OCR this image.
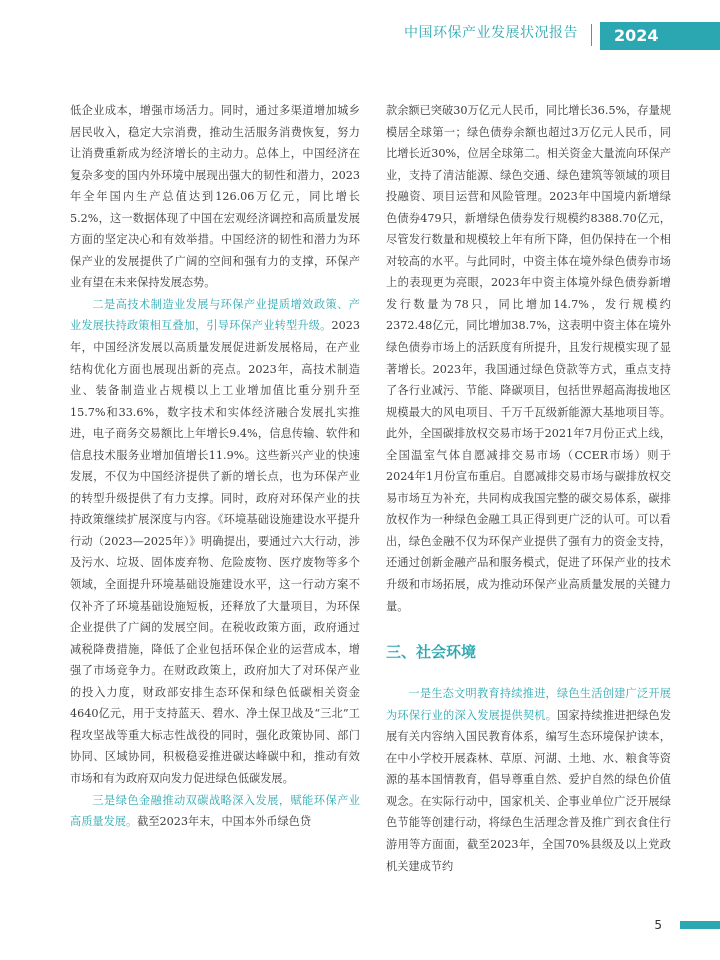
中国环保产业发展状况报告	2024

低企业成本，增强市场活力。同时，通过多渠道增加城乡居民收入，稳定大宗消费，推动生活服务消费恢复，努力让消费重新成为经济增长的主动力。总体上，中国经济在复杂多变的国内外环境中展现出强大的韧性和潜力，2023年全年国内生产总值达到126.06万亿元，同比增长5.2%，这一数据体现了中国在宏观经济调控和高质量发展方面的坚定决心和有效举措。中国经济的韧性和潜力为环保产业的发展提供了广阔的空间和强有力的支撑，环保产业有望在未来保持发展态势。

二是高技术制造业发展与环保产业提质增效政策、产业发展扶持政策相互叠加，引导环保产业转型升级。2023年，中国经济发展以高质量发展促进新发展格局，在产业结构优化方面也展现出新的亮点。2023年，高技术制造业、装备制造业占规模以上工业增加值比重分别升至15.7%和33.6%，数字技术和实体经济融合发展扎实推进，电子商务交易额比上年增长9.4%，信息传输、软件和信息技术服务业增加值增长11.9%。这些新兴产业的快速发展，不仅为中国经济提供了新的增长点，也为环保产业的转型升级提供了有力支撑。同时，政府对环保产业的扶持政策继续扩展深度与内容。《环境基础设施建设水平提升行动（2023—2025年）》明确提出，要通过六大行动，涉及污水、垃圾、固体废弃物、危险废物、医疗废物等多个领域，全面提升环境基础设施建设水平，这一行动方案不仅补齐了环境基础设施短板，还释放了大量项目，为环保企业提供了广阔的发展空间。在税收政策方面，政府通过减税降费措施，降低了企业包括环保企业的运营成本，增强了市场竞争力。在财政政策上，政府加大了对环保产业的投入力度，财政部安排生态环保和绿色低碳相关资金4640亿元，用于支持蓝天、碧水、净土保卫战及“三北”工程攻坚战等重大标志性战役的同时，强化政策协同、部门协同、区域协同，积极稳妥推进碳达峰碳中和，推动有效市场和有为政府双向发力促进绿色低碳发展。

三是绿色金融推动双碳战略深入发展，赋能环保产业高质量发展。截至2023年末，中国本外币绿色贷

款余额已突破30万亿元人民币，同比增长36.5%，存量规模居全球第一；绿色债券余额也超过3万亿元人民币，同比增长近30%，位居全球第二。相关资金大量流向环保产业，支持了清洁能源、绿色交通、绿色建筑等领域的项目投融资、项目运营和风险管理。2023年中国境内新增绿色债券479只，新增绿色债券发行规模约8388.70亿元，尽管发行数量和规模较上年有所下降，但仍保持在一个相对较高的水平。与此同时，中资主体在境外绿色债券市场上的表现更为亮眼，2023年中资主体境外绿色债券新增发行数量为78只，同比增加14.7%，发行规模约2372.48亿元，同比增加38.7%，这表明中资主体在境外绿色债券市场上的活跃度有所提升，且发行规模实现了显著增长。2023年，我国通过绿色贷款等方式，重点支持了各行业减污、节能、降碳项目，包括世界超高海拔地区规模最大的风电项目、千万千瓦级新能源大基地项目等。此外，全国碳排放权交易市场于2021年7月份正式上线，全国温室气体自愿减排交易市场（CCER市场）则于2024年1月份宣布重启。自愿减排交易市场与碳排放权交易市场互为补充，共同构成我国完整的碳交易体系，碳排放权作为一种绿色金融工具正得到更广泛的认可。可以看出，绿色金融不仅为环保产业提供了强有力的资金支持，还通过创新金融产品和服务模式，促进了环保产业的技术升级和市场拓展，成为推动环保产业高质量发展的关键力量。

三、社会环境

一是生态文明教育持续推进，绿色生活创建广泛开展为环保行业的深入发展提供契机。国家持续推进把绿色发展有关内容纳入国民教育体系，编写生态环境保护读本，在中小学校开展森林、草原、河湖、土地、水、粮食等资源的基本国情教育，倡导尊重自然、爱护自然的绿色价值观念。在实际行动中，国家机关、企事业单位广泛开展绿色节能等创建行动，将绿色生活理念普及推广到衣食住行游用等方面面，截至2023年，全国70%县级及以上党政机关建成节约

5
